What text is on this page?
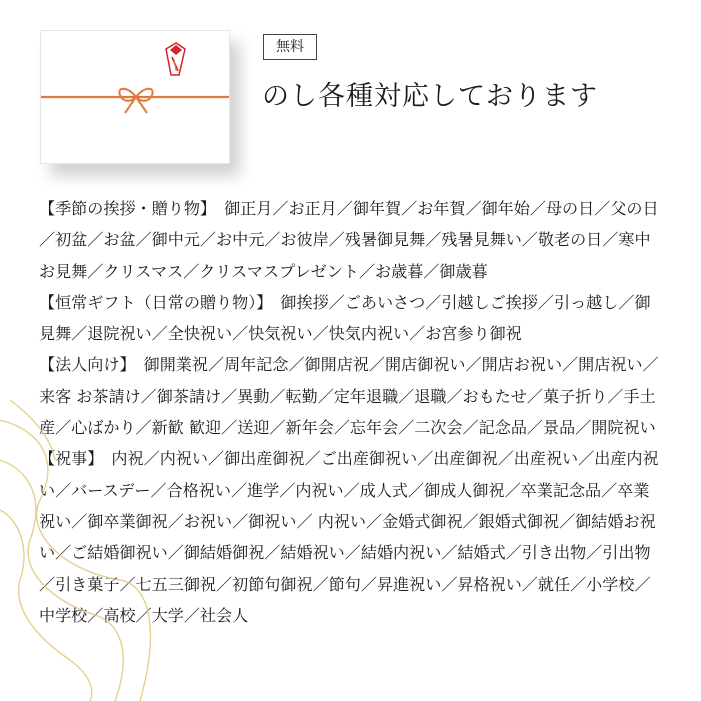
無料
のし各種対応しております

【季節の挨拶・贈り物】　御正月／お正月／御年賀／お年賀／御年始／母の日／父の日／初盆／お盆／御中元／お中元／お彼岸／残暑御見舞／残暑見舞い／敬老の日／寒中お見舞／クリスマス／クリスマスプレゼント／お歳暮／御歳暮

【恒常ギフト（日常の贈り物）】　御挨拶／ごあいさつ／引越しご挨拶／引っ越し／御見舞／退院祝い／全快祝い／快気祝い／快気内祝い／お宮参り御祝

【法人向け】　御開業祝／周年記念／御開店祝／開店御祝い／開店お祝い／開店祝い／来客 お茶請け／御茶請け／異動／転勤／定年退職／退職／おもたせ／菓子折り／手土産／心ばかり／新歓 歓迎／送迎／新年会／忘年会／二次会／記念品／景品／開院祝い

【祝事】　内祝／内祝い／御出産御祝／ご出産御祝い／出産御祝／出産祝い／出産内祝い／バースデー／合格祝い／進学／内祝い／成人式／御成人御祝／卒業記念品／卒業祝い／御卒業御祝／お祝い／御祝い／ 内祝い／金婚式御祝／銀婚式御祝／御結婚お祝い／ご結婚御祝い／御結婚御祝／結婚祝い／結婚内祝い／結婚式／引き出物／引出物／引き菓子／七五三御祝／初節句御祝／節句／昇進祝い／昇格祝い／就任／小学校／中学校／高校／大学／社会人
